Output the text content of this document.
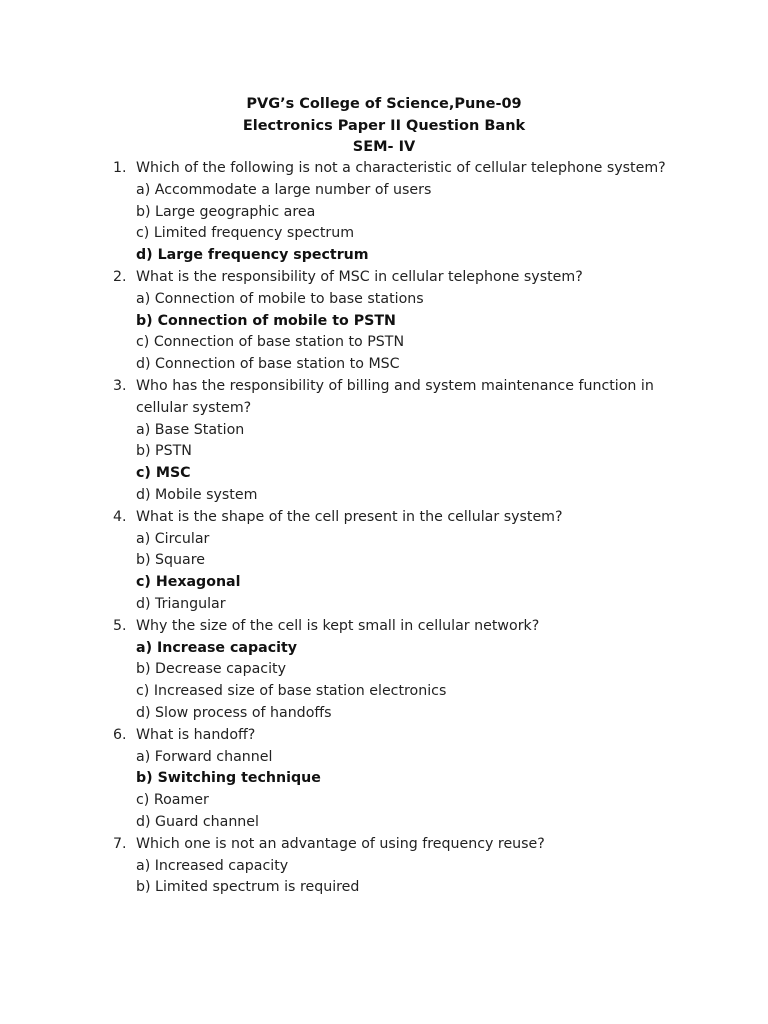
PVG’s College of Science,Pune-09
Electronics Paper II Question Bank
SEM- IV
1. Which of the following is not a characteristic of cellular telephone system?
a) Accommodate a large number of users
b) Large geographic area
c) Limited frequency spectrum
d) Large frequency spectrum
2. What is the responsibility of MSC in cellular telephone system?
a) Connection of mobile to base stations
b) Connection of mobile to PSTN
c) Connection of base station to PSTN
d) Connection of base station to MSC
3. Who has the responsibility of billing and system maintenance function in cellular system?
a) Base Station
b) PSTN
c) MSC
d) Mobile system
4. What is the shape of the cell present in the cellular system?
a) Circular
b) Square
c) Hexagonal
d) Triangular
5. Why the size of the cell is kept small in cellular network?
a) Increase capacity
b) Decrease capacity
c) Increased size of base station electronics
d) Slow process of handoffs
6. What is handoff?
a) Forward channel
b) Switching technique
c) Roamer
d) Guard channel
7. Which one is not an advantage of using frequency reuse?
a) Increased capacity
b) Limited spectrum is required
